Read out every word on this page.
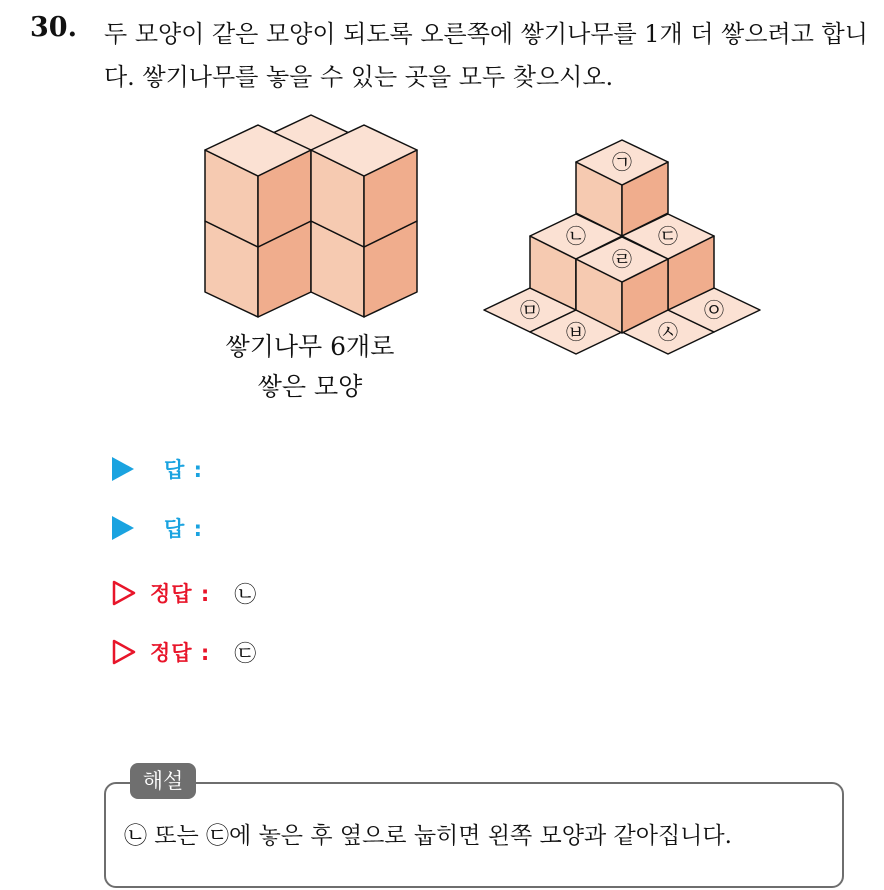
30. 두 모양이 같은 모양이 되도록 오른쪽에 쌓기나무를 1개 더 쌓으려고 합니다. 쌓기나무를 놓을 수 있는 곳을 모두 찾으시오.

㉠
㉡	㉢
㉣
㉤
㉥	㉦
㉧
쌓기나무 6개로
쌓은 모양
답 :
답 :
정답 : ㉡
정답 : ㉢
해설
㉡ 또는 ㉢에 놓은 후 옆으로 눕히면 왼쪽 모양과 같아집니다.
